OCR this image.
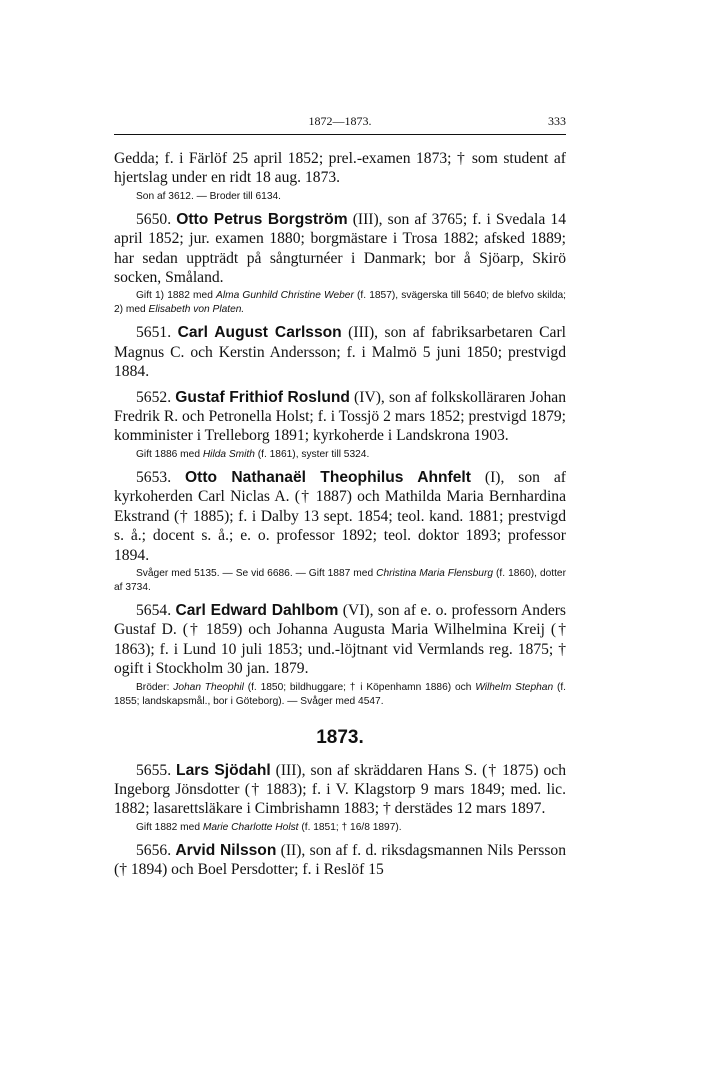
1872—1873.	333

Gedda; f. i Färlöf 25 april 1852; prel.-examen 1873; † som student af hjertslag under en ridt 18 aug. 1873.

Son af 3612. — Broder till 6134.

5650. Otto Petrus Borgström (III), son af 3765; f. i Svedala 14 april 1852; jur. examen 1880; borgmästare i Trosa 1882; afsked 1889; har sedan uppträdt på sångturnéer i Danmark; bor å Sjöarp, Skirö socken, Småland.

Gift 1) 1882 med Alma Gunhild Christine Weber (f. 1857), svägerska till 5640; de blefvo skilda; 2) med Elisabeth von Platen.

5651. Carl August Carlsson (III), son af fabriksarbetaren Carl Magnus C. och Kerstin Andersson; f. i Malmö 5 juni 1850; prestvigd 1884.

5652. Gustaf Frithiof Roslund (IV), son af folkskolläraren Johan Fredrik R. och Petronella Holst; f. i Tossjö 2 mars 1852; prestvigd 1879; komminister i Trelleborg 1891; kyrkoherde i Landskrona 1903.

Gift 1886 med Hilda Smith (f. 1861), syster till 5324.

5653. Otto Nathanaël Theophilus Ahnfelt (I), son af kyrkoherden Carl Niclas A. († 1887) och Mathilda Maria Bernhardina Ekstrand († 1885); f. i Dalby 13 sept. 1854; teol. kand. 1881; prestvigd s. å.; docent s. å.; e. o. professor 1892; teol. doktor 1893; professor 1894.

Svåger med 5135. — Se vid 6686. — Gift 1887 med Christina Maria Flensburg (f. 1860), dotter af 3734.

5654. Carl Edward Dahlbom (VI), son af e. o. professorn Anders Gustaf D. († 1859) och Johanna Augusta Maria Wilhelmina Kreij († 1863); f. i Lund 10 juli 1853; und.-löjtnant vid Vermlands reg. 1875; † ogift i Stockholm 30 jan. 1879.

Bröder: Johan Theophil (f. 1850; bildhuggare; † i Köpenhamn 1886) och Wilhelm Stephan (f. 1855; landskapsmål., bor i Göteborg). — Svåger med 4547.

1873.

5655. Lars Sjödahl (III), son af skräddaren Hans S. († 1875) och Ingeborg Jönsdotter († 1883); f. i V. Klagstorp 9 mars 1849; med. lic. 1882; lasarettsläkare i Cimbrishamn 1883; † derstädes 12 mars 1897.

Gift 1882 med Marie Charlotte Holst (f. 1851; † 16/8 1897).

5656. Arvid Nilsson (II), son af f. d. riksdagsmannen Nils Persson († 1894) och Boel Persdotter; f. i Reslöf 15
